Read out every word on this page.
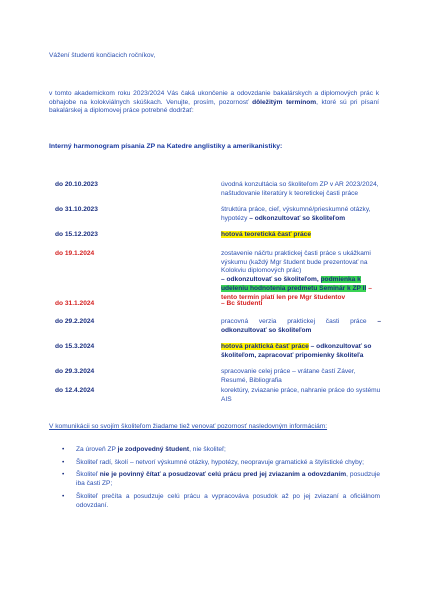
Vážení študenti končiacich ročníkov,

v tomto akademickom roku 2023/2024 Vás čaká ukončenie a odovzdanie bakalárskych a diplomových prác k obhajobe na kolokviálnych skúškach. Venujte, prosím, pozornosť dôležitým termínom, ktoré sú pri písaní bakalárskej a diplomovej práce potrebné dodržať:

Interný harmonogram písania ZP na Katedre anglistiky a amerikanistiky:

do 20.10.2023	úvodná konzultácia so školiteľom ZP v AR 2023/2024, naštudovanie literatúry k teoretickej časti práce
do 31.10.2023	štruktúra práce, cieľ, výskumné/prieskumné otázky, hypotézy – odkonzultovať so školiteľom
do 15.12.2023	hotová teoretická časť práce
do 19.1.2024	zostavenie náčrtu praktickej časti práce s ukážkami výskumu (každý Mgr študent bude prezentovať na Kolokviu diplomových prác)
– odkonzultovať so školiteľom, podmienka k udeleniu hodnotenia predmetu Seminár k ZP II – tento termín platí len pre Mgr študentov
do 31.1.2024	– Bc študenti
do 29.2.2024	pracovná verzia praktickej časti práce – odkonzultovať so školiteľom
do 15.3.2024	hotová praktická časť práce – odkonzultovať so školiteľom, zapracovať pripomienky školiteľa
do 29.3.2024	spracovanie celej práce – vrátane častí Záver, Resumé, Bibliografia
do 12.4.2024	korektúry, zviazanie práce, nahranie práce do systému AIS

V komunikácii so svojím školiteľom žiadame tiež venovať pozornosť nasledovným informáciám:

• Za úroveň ZP je zodpovedný študent, nie školiteľ;
• Školiteľ radí, školí – netvorí výskumné otázky, hypotézy, neopravuje gramatické a štylistické chyby;
• Školiteľ nie je povinný čítať a posudzovať celú prácu pred jej zviazaním a odovzdaním, posudzuje iba časti ZP;
• Školiteľ prečíta a posudzuje celú prácu a vypracováva posudok až po jej zviazaní a oficiálnom odovzdaní.
